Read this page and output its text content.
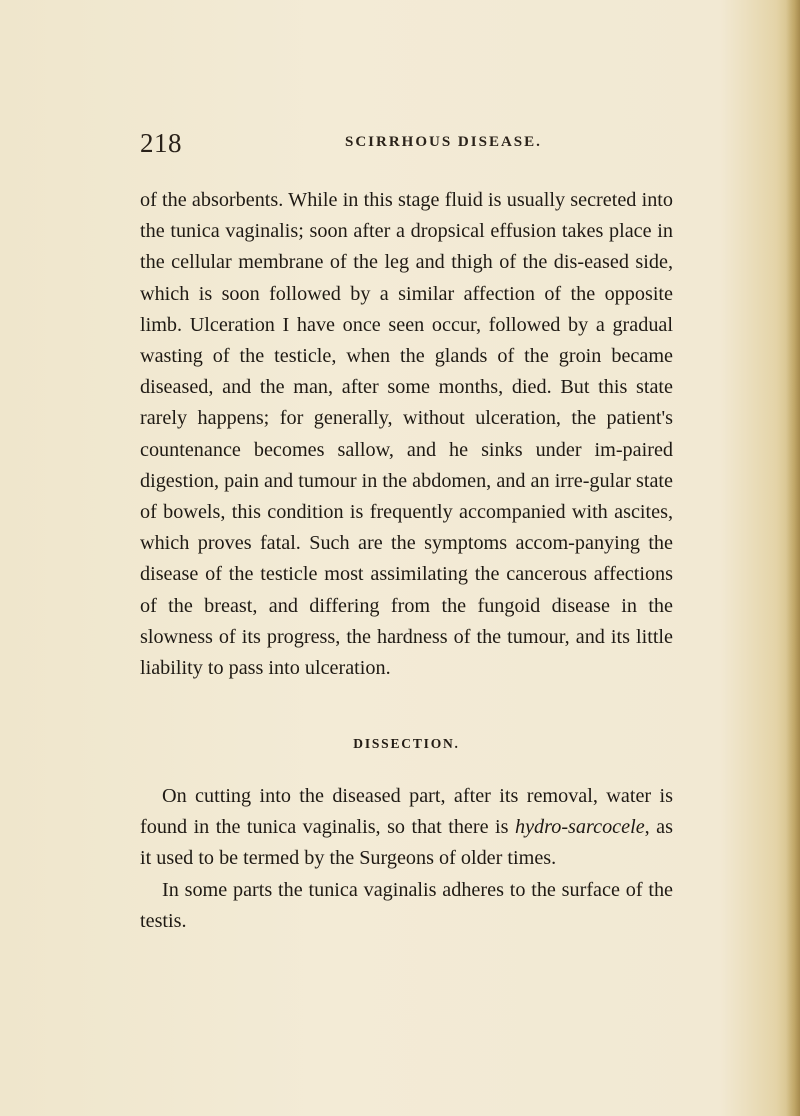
218	SCIRRHOUS DISEASE.

of the absorbents. While in this stage fluid is usually secreted into the tunica vaginalis; soon after a dropsical effusion takes place in the cellular membrane of the leg and thigh of the dis-eased side, which is soon followed by a similar affection of the opposite limb. Ulceration I have once seen occur, followed by a gradual wasting of the testicle, when the glands of the groin became diseased, and the man, after some months, died. But this state rarely happens; for generally, without ulceration, the patient's countenance becomes sallow, and he sinks under im-paired digestion, pain and tumour in the abdomen, and an irre-gular state of bowels, this condition is frequently accompanied with ascites, which proves fatal. Such are the symptoms accom-panying the disease of the testicle most assimilating the cancerous affections of the breast, and differing from the fungoid disease in the slowness of its progress, the hardness of the tumour, and its little liability to pass into ulceration.

DISSECTION.

On cutting into the diseased part, after its removal, water is found in the tunica vaginalis, so that there is hydro-sarcocele, as it used to be termed by the Surgeons of older times.

In some parts the tunica vaginalis adheres to the surface of the testis.
